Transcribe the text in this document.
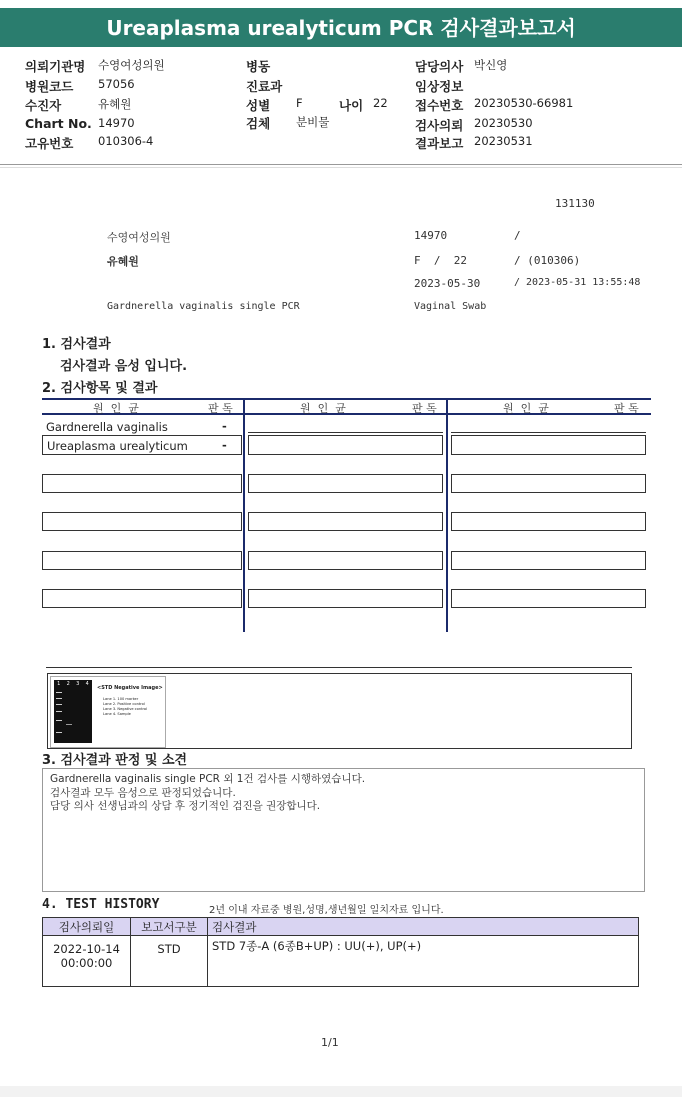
Ureaplasma urealyticum PCR 검사결과보고서
의뢰기관명 수영여성의원
병원코드 57056
수진자	유혜원
Chart No. 14970
고유번호 010306-4
병동
진료과
성별 F
검체 분비물
나이 22
담당의사 박신영
임상정보
접수번호 20230530-66981
검사의뢰 20230530
결과보고 20230531
131130
수영여성의원	14970	/
유혜원	F  /  22	/ (010306)
2023-05-30	/ 2023-05-31 13:55:48
Gardnerella vaginalis single PCR	Vaginal Swab
1. 검사결과
검사결과 음성 입니다.
2. 검사항목 및 결과
원  인  균	판 독	원  인  균	판 독	원  인  균	판 독
Gardnerella vaginalis	-
Ureaplasma urealyticum	-
1 2 3 4
<STD Negative Image>
Lane 1. 100 marker
Lane 2. Positive control
Lane 3. Negative control
Lane 4. Sample
3. 검사결과 판정 및 소견
Gardnerella vaginalis single PCR 외 1건 검사를 시행하였습니다.
검사결과 모두 음성으로 판정되었습니다.
담당 의사 선생님과의 상담 후 정기적인 검진을 권장합니다.
4. TEST HISTORY	2년 이내 자료중 병원,성명,생년월일 일치자료 입니다.
검사의뢰일	보고서구분	검사결과

2022-10-14
00:00:00	STD	STD 7종-A (6종B+UP) : UU(+), UP(+)
1/1
